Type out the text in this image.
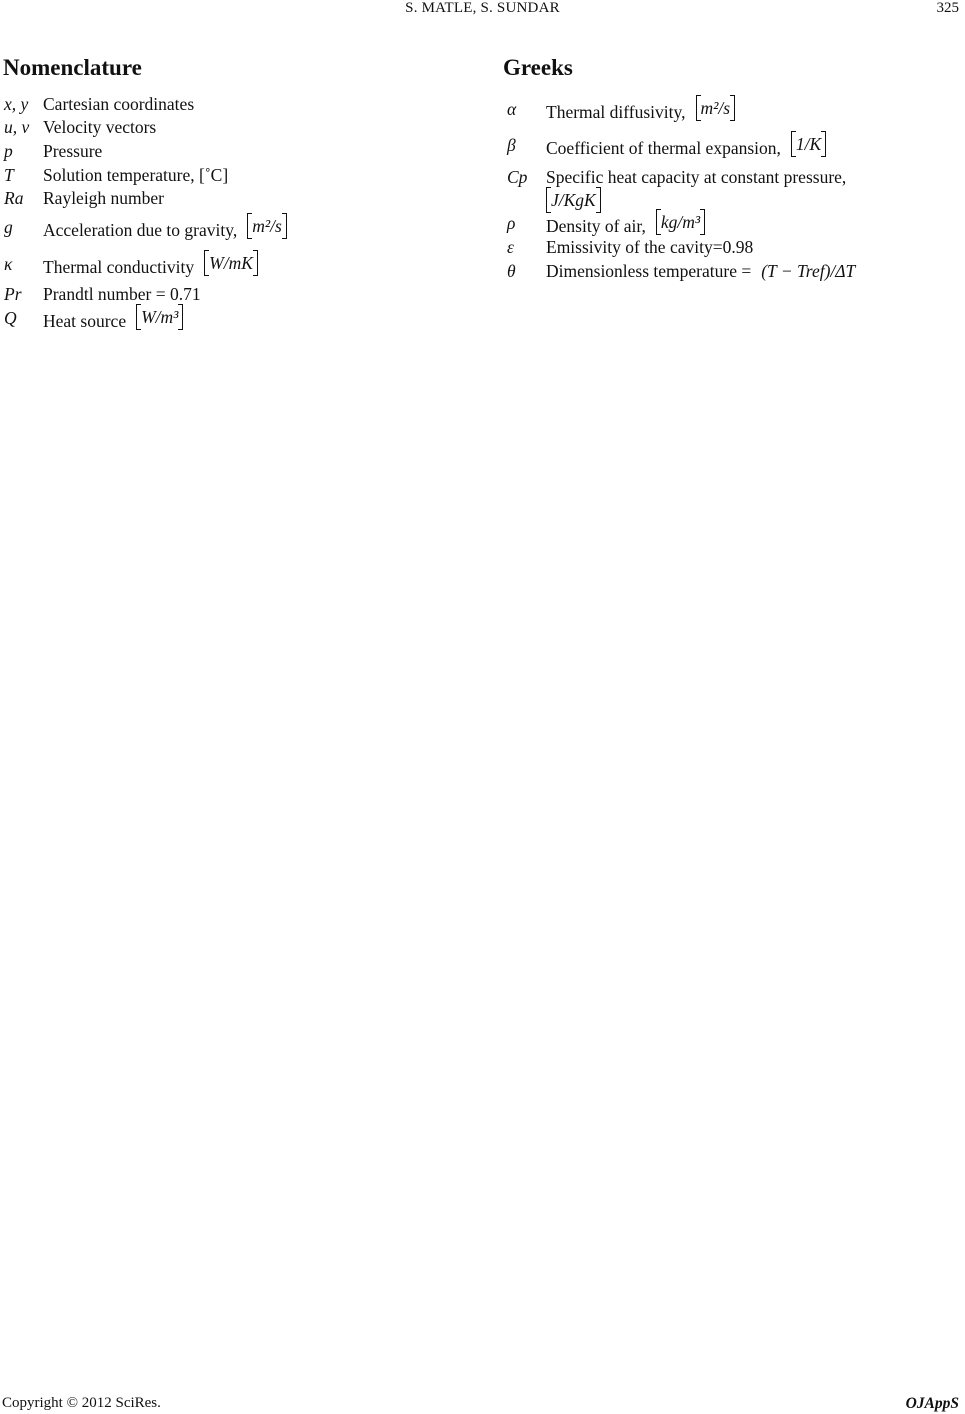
S. MATLE, S. SUNDAR	325
Nomenclature	Greeks
x, y Cartesian coordinates
u, v Velocity vectors
p Pressure
T Solution temperature, [˚C]
Ra Rayleigh number
g Acceleration due to gravity, m²/s
κ Thermal conductivity W/mK
Pr Prandtl number = 0.71
Q Heat source W/m³
α Thermal diffusivity, m²/s
β Coefficient of thermal expansion, 1/K
Cp Specific heat capacity at constant pressure,
J/KgK
ρ Density of air, kg/m³
ε Emissivity of the cavity=0.98
θ Dimensionless temperature = (T − Tref)/ΔT
Copyright © 2012 SciRes.	OJAppS
